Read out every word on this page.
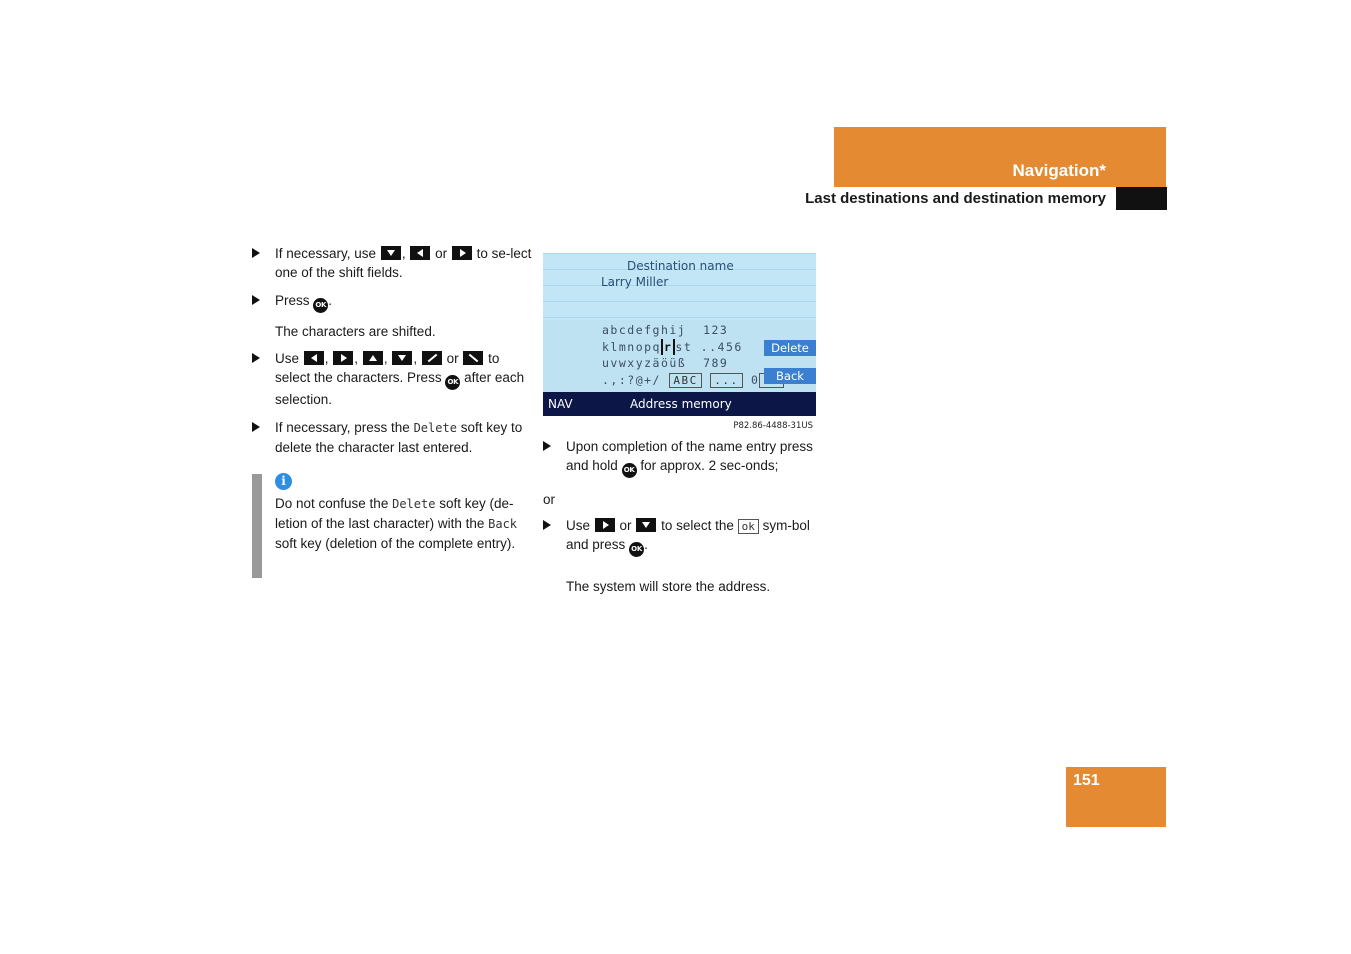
Navigation*
Last destinations and destination memory
If necessary, use ,  or to se-lect one of the shift fields.
Press OK .
The characters are shifted.
Use , , , ,  or to select the characters. Press OK after each selection.
If necessary, press the Delete soft key to delete the character last entered.
i
Do not confuse the Delete soft key (de-letion of the last character) with the Back soft key (deletion of the complete entry).
Destination name
Larry Miller
abcdefghij  123
klmnopq r st ..456
uvwxyzäöüß  789
.,:?@+/ ABC ... 0
Delete
Back
NAV	Address memory
P82.86-4488-31US
Upon completion of the name entry press and hold OK for approx. 2 sec-onds;
or
Use or to select the ok sym-bol and press OK .
The system will store the address.
151
